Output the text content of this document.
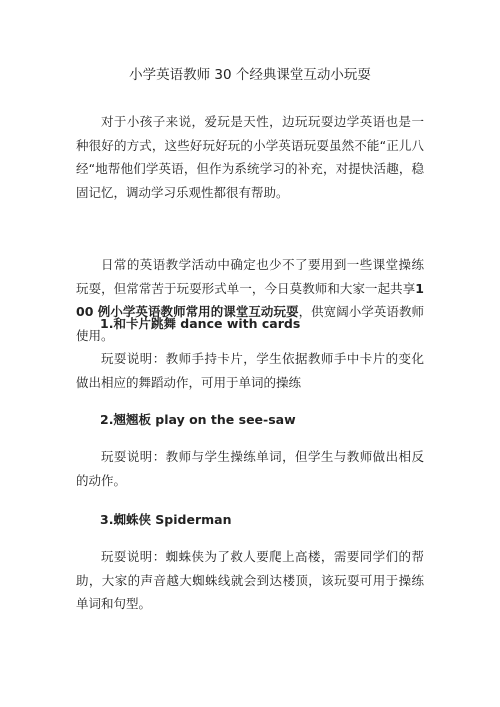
小学英语教师 30 个经典课堂互动小玩耍
对于小孩子来说，爱玩是天性，边玩玩耍边学英语也是一种很好的方式，这些好玩好玩的小学英语玩耍虽然不能“正儿八经“地帮他们学英语，但作为系统学习的补充，对提快活趣，稳固记忆，调动学习乐观性都很有帮助。
日常的英语教学活动中确定也少不了要用到一些课堂操练玩耍，但常常苦于玩耍形式单一，今日莫教师和大家一起共享100 例小学英语教师常用的课堂互动玩耍，供宽阔小学英语教师使用。
1.和卡片跳舞 dance with cards
玩耍说明：教师手持卡片，学生依据教师手中卡片的变化做出相应的舞蹈动作，可用于单词的操练
2.翘翘板 play on the see-saw
玩耍说明：教师与学生操练单词，但学生与教师做出相反的动作。
3.蜘蛛侠 Spiderman
玩耍说明：蜘蛛侠为了救人要爬上高楼，需要同学们的帮助，大家的声音越大蜘蛛线就会到达楼顶，该玩耍可用于操练单词和句型。
